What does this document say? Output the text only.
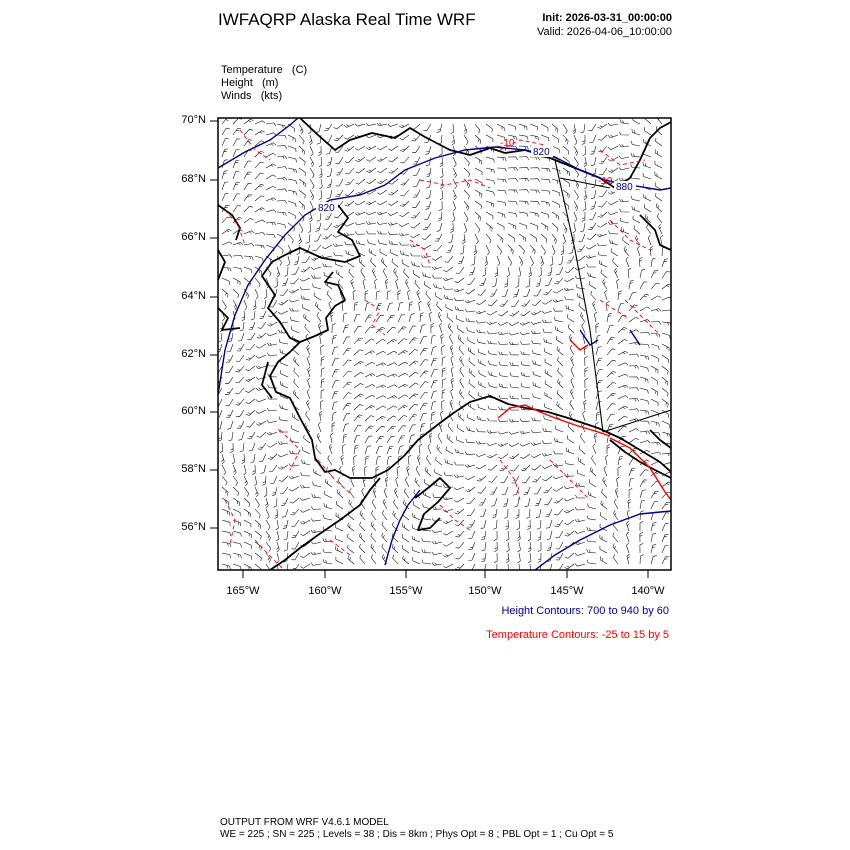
IWFAQRP Alaska Real Time WRF	Init: 2026-03-31_00:00:00
Valid: 2026-04-06_10:00:00
Temperature   (C)
Height   (m)
Winds   (kts)
820
820
880
-10
-10
70°N
68°N
66°N
64°N
62°N
60°N
58°N
56°N
165°W	160°W	155°W	150°W	145°W	140°W
Height Contours: 700 to 940 by 60
Temperature Contours: -25 to 15 by 5
OUTPUT FROM WRF V4.6.1 MODEL
WE = 225 ; SN = 225 ; Levels = 38 ; Dis = 8km ; Phys Opt = 8 ; PBL Opt = 1 ; Cu Opt = 5
